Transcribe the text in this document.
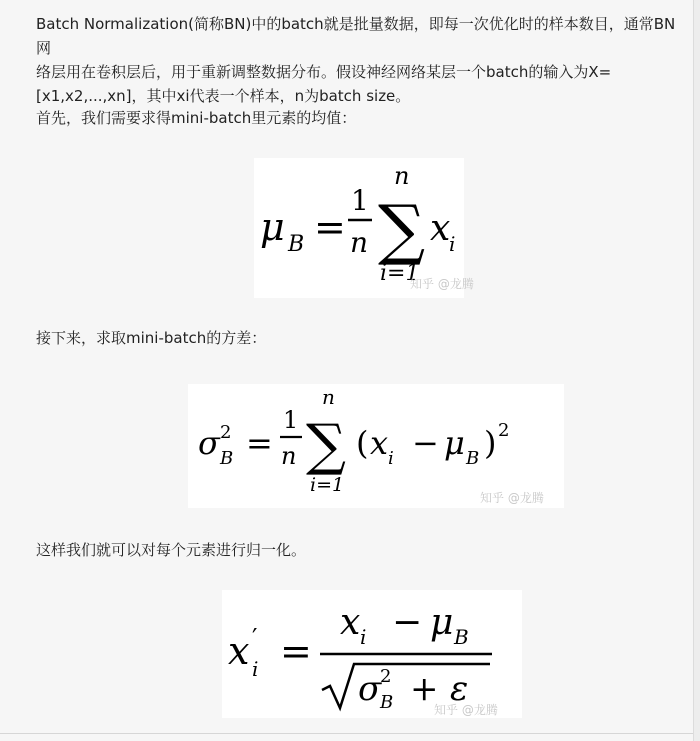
Batch Normalization(简称BN)中的batch就是批量数据，即每一次优化时的样本数目，通常BN网
络层用在卷积层后，用于重新调整数据分布。假设神经网络某层一个batch的输入为X=
[x1,x2,...,xn]，其中xi代表一个样本，n为batch size。

首先，我们需要求得mini-batch里元素的均值：

μ B =
1
n
n
∑
i=1
x
i
知乎 @龙腾

接下来，求取mini-batch的方差：

σ 2
B =
1
n
n
∑
i=1
( x i − μ B ) 2
知乎 @龙腾

这样我们就可以对每个元素进行归一化。

x ′
i =
x i − μ B
σ
2
B + ε
知乎 @龙腾
